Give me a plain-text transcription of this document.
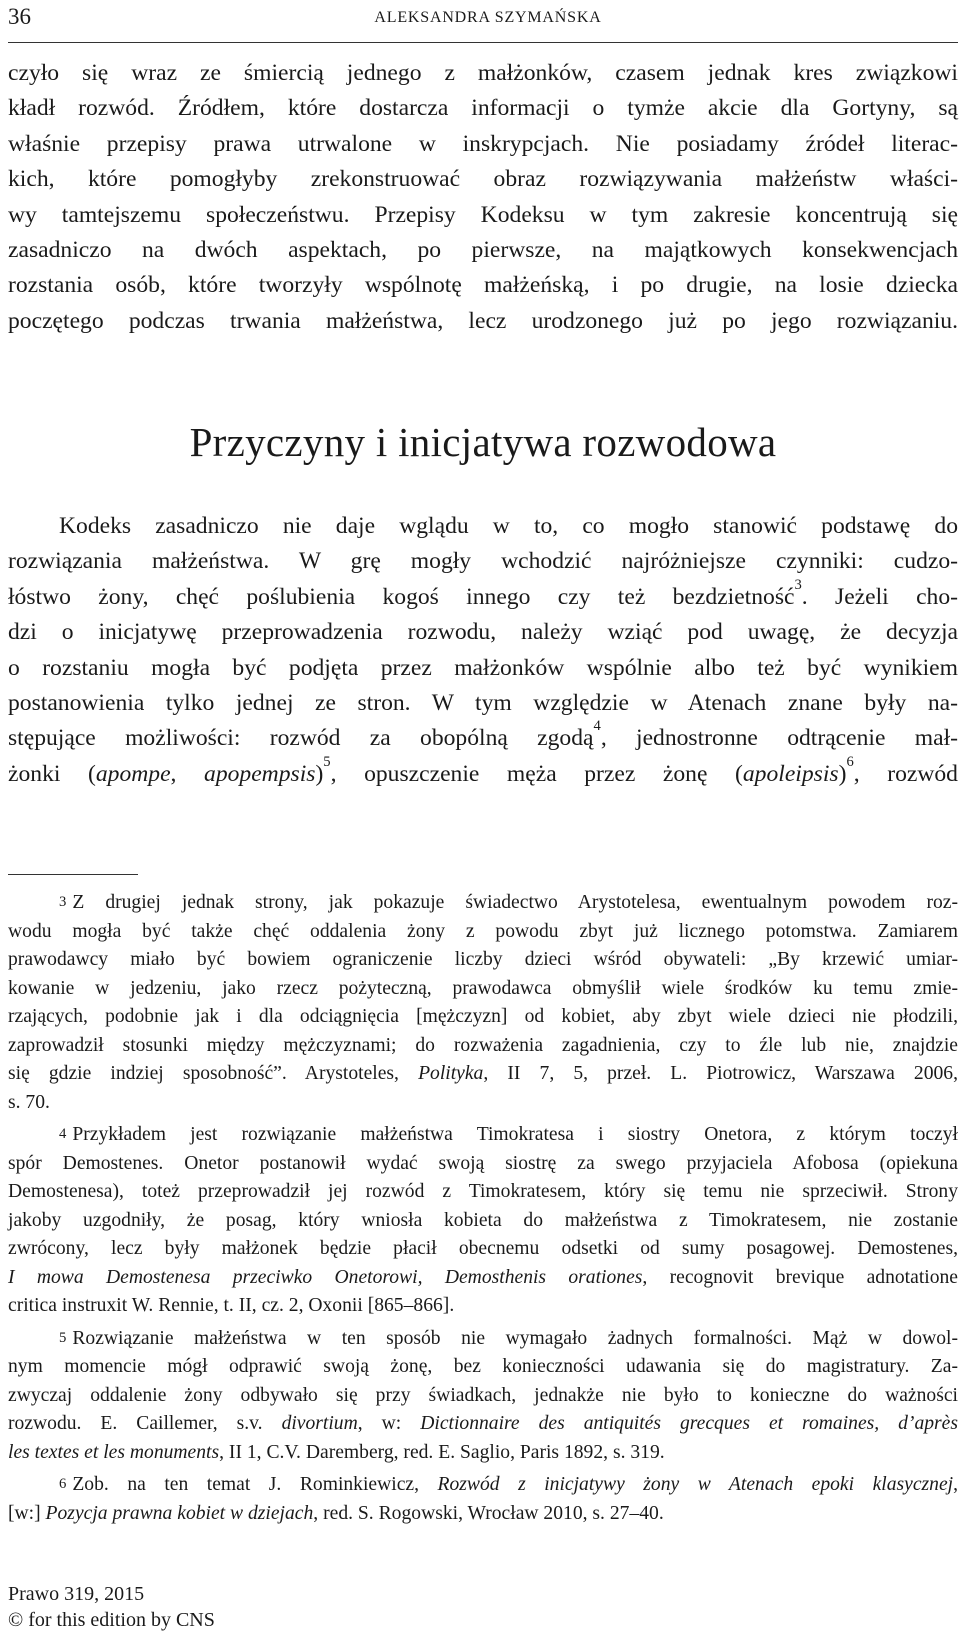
36	ALEKSANDRA SZYMAŃSKA
czyło się wraz ze śmiercią jednego z małżonków, czasem jednak kres związkowi
kładł rozwód. Źródłem, które dostarcza informacji o tymże akcie dla Gortyny, są
właśnie przepisy prawa utrwalone w inskrypcjach. Nie posiadamy źródeł literac-
kich, które pomogłyby zrekonstruować obraz rozwiązywania małżeństw właści-
wy tamtejszemu społeczeństwu. Przepisy Kodeksu w tym zakresie koncentrują się
zasadniczo na dwóch aspektach, po pierwsze, na majątkowych konsekwencjach
rozstania osób, które tworzyły wspólnotę małżeńską, i po drugie, na losie dziecka
poczętego podczas trwania małżeństwa, lecz urodzonego już po jego rozwiązaniu.
Przyczyny i inicjatywa rozwodowa
Kodeks zasadniczo nie daje wglądu w to, co mogło stanowić podstawę do
rozwiązania małżeństwa. W grę mogły wchodzić najróżniejsze czynniki: cudzo-
łóstwo żony, chęć poślubienia kogoś innego czy też bezdzietność$^3$. Jeżeli cho-
dzi o inicjatywę przeprowadzenia rozwodu, należy wziąć pod uwagę, że decyzja
o rozstaniu mogła być podjęta przez małżonków wspólnie albo też być wynikiem
postanowienia tylko jednej ze stron. W tym względzie w Atenach znane były na-
stępujące możliwości: rozwód za obopólną zgodą$^4$, jednostronne odtrącenie mał-
żonki (apompe, apopempsis)$^5$, opuszczenie męża przez żonę (apoleipsis)$^6$, rozwód
$^3$ Z drugiej jednak strony, jak pokazuje świadectwo Arystotelesa, ewentualnym powodem roz-
wodu mogła być także chęć oddalenia żony z powodu zbyt już licznego potomstwa. Zamiarem
prawodawcy miało być bowiem ograniczenie liczby dzieci wśród obywateli: „By krzewić umiar-
kowanie w jedzeniu, jako rzecz pożyteczną, prawodawca obmyślił wiele środków ku temu zmie-
rzających, podobnie jak i dla odciągnięcia [mężczyzn] od kobiet, aby zbyt wiele dzieci nie płodzili,
zaprowadził stosunki między mężczyznami; do rozważenia zagadnienia, czy to źle lub nie, znajdzie
się gdzie indziej sposobność”. Arystoteles, Polityka, II 7, 5, przeł. L. Piotrowicz, Warszawa 2006,
s. 70.
$^4$ Przykładem jest rozwiązanie małżeństwa Timokratesa i siostry Onetora, z którym toczył
spór Demostenes. Onetor postanowił wydać swoją siostrę za swego przyjaciela Afobosa (opiekuna
Demostenesa), toteż przeprowadził jej rozwód z Timokratesem, który się temu nie sprzeciwił. Strony
jakoby uzgodniły, że posag, który wniosła kobieta do małżeństwa z Timokratesem, nie zostanie
zwrócony, lecz były małżonek będzie płacił obecnemu odsetki od sumy posagowej. Demostenes,
I mowa Demostenesa przeciwko Onetorowi, Demosthenis orationes, recognovit brevique adnotatione
critica instruxit W. Rennie, t. II, cz. 2, Oxonii [865–866].
$^5$ Rozwiązanie małżeństwa w ten sposób nie wymagało żadnych formalności. Mąż w dowol-
nym momencie mógł odprawić swoją żonę, bez konieczności udawania się do magistratury. Za-
zwyczaj oddalenie żony odbywało się przy świadkach, jednakże nie było to konieczne do ważności
rozwodu. E. Caillemer, s.v. divortium, w: Dictionnaire des antiquités grecques et romaines, d’après
les textes et les monuments, II 1, C.V. Daremberg, red. E. Saglio, Paris 1892, s. 319.
$^6$ Zob. na ten temat J. Rominkiewicz, Rozwód z inicjatywy żony w Atenach epoki klasycznej,
[w:] Pozycja prawna kobiet w dziejach, red. S. Rogowski, Wrocław 2010, s. 27–40.
Prawo 319, 2015
© for this edition by CNS
